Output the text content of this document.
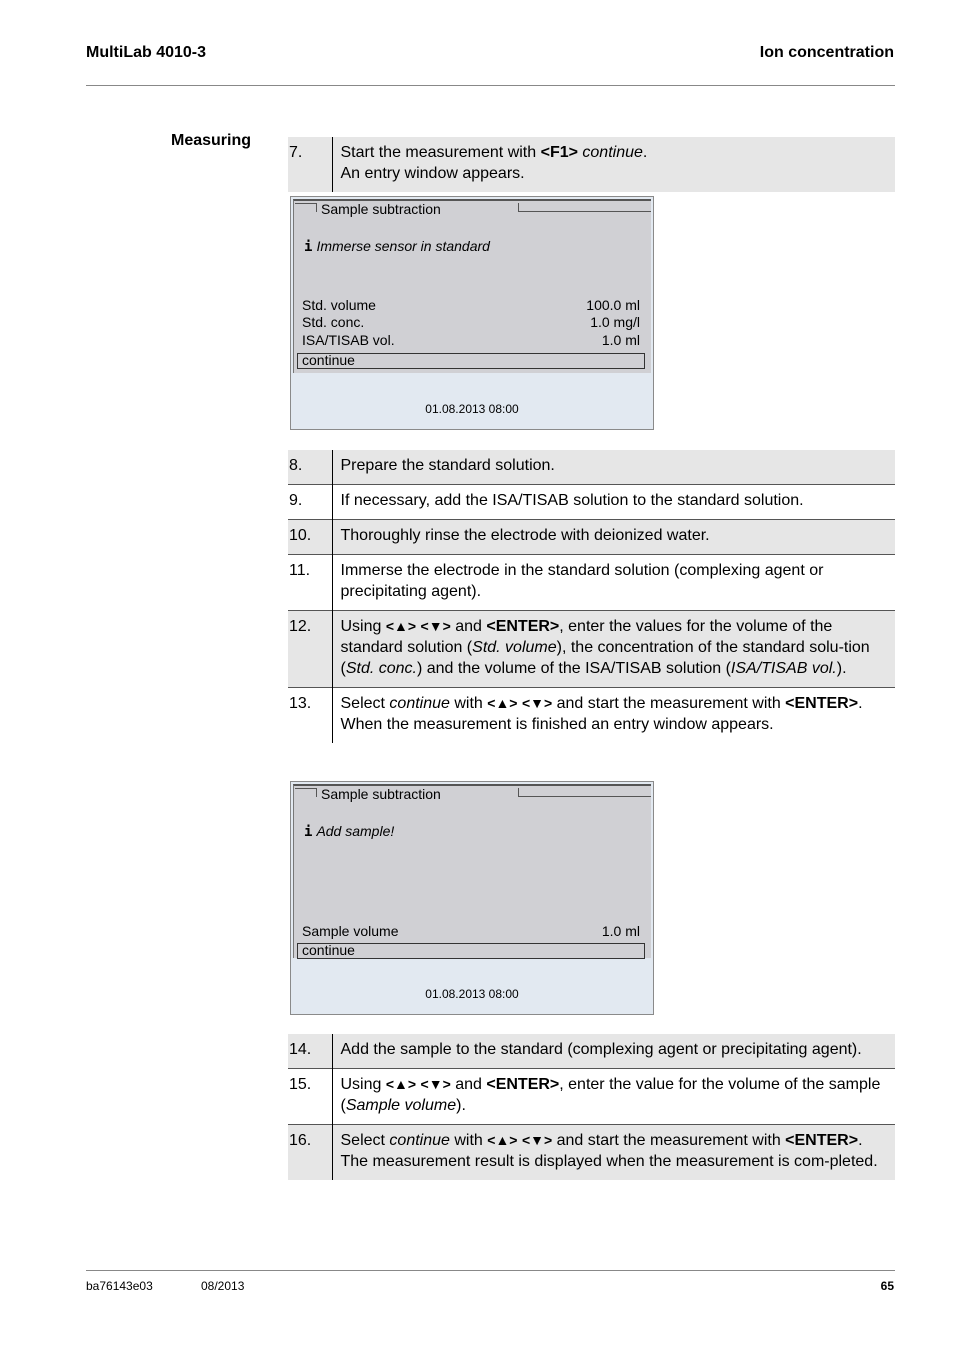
MultiLab 4010-3	Ion concentration
Measuring
7.	Start the measurement with <F1> continue.
An entry window appears.
Sample subtraction
i Immerse sensor in standard
Std. volume	100.0 ml
Std. conc.	1.0 mg/l
ISA/TISAB vol.	1.0 ml
continue
01.08.2013 08:00
8.	Prepare the standard solution.
9.	If necessary, add the ISA/TISAB solution to the standard solution.
10.	Thoroughly rinse the electrode with deionized water.
11.	Immerse the electrode in the standard solution (complexing agent or precipitating agent).
12.	Using <▲> <▼> and <ENTER>, enter the values for the volume of the standard solution (Std. volume), the concentration of the standard solu-tion (Std. conc.) and the volume of the ISA/TISAB solution (ISA/TISAB vol.).
13.	Select continue with <▲> <▼> and start the measurement with <ENTER>.
When the measurement is finished an entry window appears.
Sample subtraction
i Add sample!
Sample volume	1.0 ml
continue
01.08.2013 08:00
14.	Add the sample to the standard (complexing agent or precipitating agent).
15.	Using <▲> <▼> and <ENTER>, enter the value for the volume of the sample (Sample volume).
16.	Select continue with <▲> <▼> and start the measurement with <ENTER>.
The measurement result is displayed when the measurement is com-pleted.
ba76143e03	08/2013	65
